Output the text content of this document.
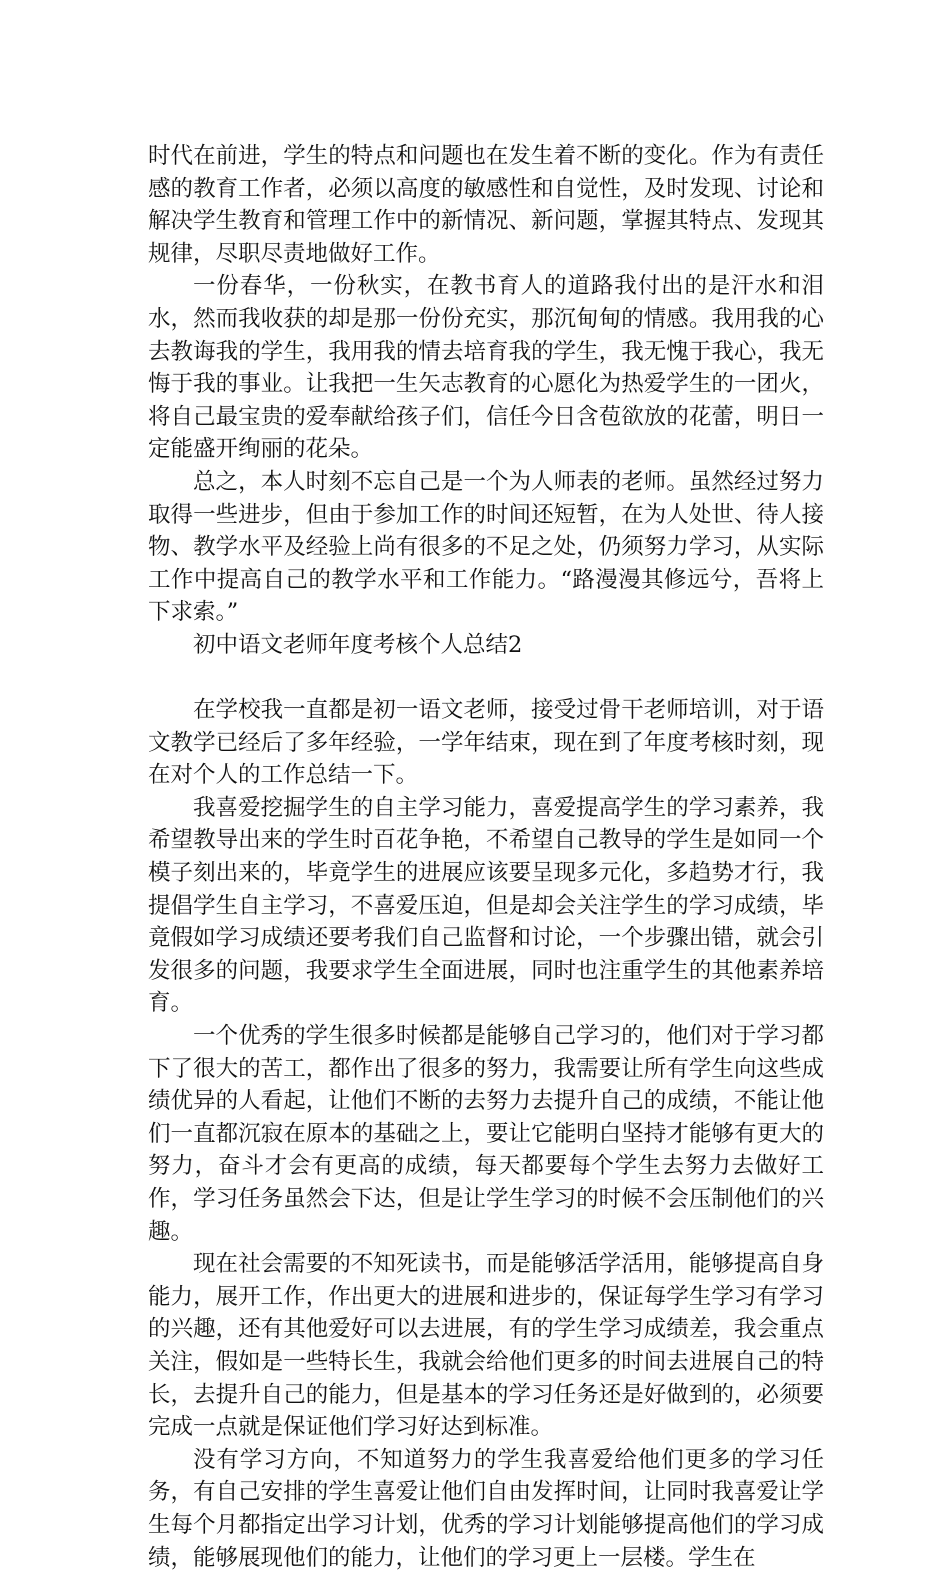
时代在前进，学生的特点和问题也在发生着不断的变化。作为有责任感的教育工作者，必须以高度的敏感性和自觉性，及时发现、讨论和解决学生教育和管理工作中的新情况、新问题，掌握其特点、发现其规律，尽职尽责地做好工作。

一份春华，一份秋实，在教书育人的道路我付出的是汗水和泪水，然而我收获的却是那一份份充实，那沉甸甸的情感。我用我的心去教诲我的学生，我用我的情去培育我的学生，我无愧于我心，我无悔于我的事业。让我把一生矢志教育的心愿化为热爱学生的一团火，将自己最宝贵的爱奉献给孩子们，信任今日含苞欲放的花蕾，明日一定能盛开绚丽的花朵。

总之，本人时刻不忘自己是一个为人师表的老师。虽然经过努力取得一些进步，但由于参加工作的时间还短暂，在为人处世、待人接物、教学水平及经验上尚有很多的不足之处，仍须努力学习，从实际工作中提高自己的教学水平和工作能力。“路漫漫其修远兮，吾将上下求索。”

初中语文老师年度考核个人总结2

在学校我一直都是初一语文老师，接受过骨干老师培训，对于语文教学已经后了多年经验，一学年结束，现在到了年度考核时刻，现在对个人的工作总结一下。

我喜爱挖掘学生的自主学习能力，喜爱提高学生的学习素养，我希望教导出来的学生时百花争艳，不希望自己教导的学生是如同一个模子刻出来的，毕竟学生的进展应该要呈现多元化，多趋势才行，我提倡学生自主学习，不喜爱压迫，但是却会关注学生的学习成绩，毕竟假如学习成绩还要考我们自己监督和讨论，一个步骤出错，就会引发很多的问题，我要求学生全面进展，同时也注重学生的其他素养培育。

一个优秀的学生很多时候都是能够自己学习的，他们对于学习都下了很大的苦工，都作出了很多的努力，我需要让所有学生向这些成绩优异的人看起，让他们不断的去努力去提升自己的成绩，不能让他们一直都沉寂在原本的基础之上，要让它能明白坚持才能够有更大的努力，奋斗才会有更高的成绩，每天都要每个学生去努力去做好工作，学习任务虽然会下达，但是让学生学习的时候不会压制他们的兴趣。

现在社会需要的不知死读书，而是能够活学活用，能够提高自身能力，展开工作，作出更大的进展和进步的，保证每学生学习有学习的兴趣，还有其他爱好可以去进展，有的学生学习成绩差，我会重点关注，假如是一些特长生，我就会给他们更多的时间去进展自己的特长，去提升自己的能力，但是基本的学习任务还是好做到的，必须要完成一点就是保证他们学习好达到标准。

没有学习方向，不知道努力的学生我喜爱给他们更多的学习任务，有自己安排的学生喜爱让他们自由发挥时间，让同时我喜爱让学生每个月都指定出学习计划，优秀的学习计划能够提高他们的学习成绩，能够展现他们的能力，让他们的学习更上一层楼。学生在
